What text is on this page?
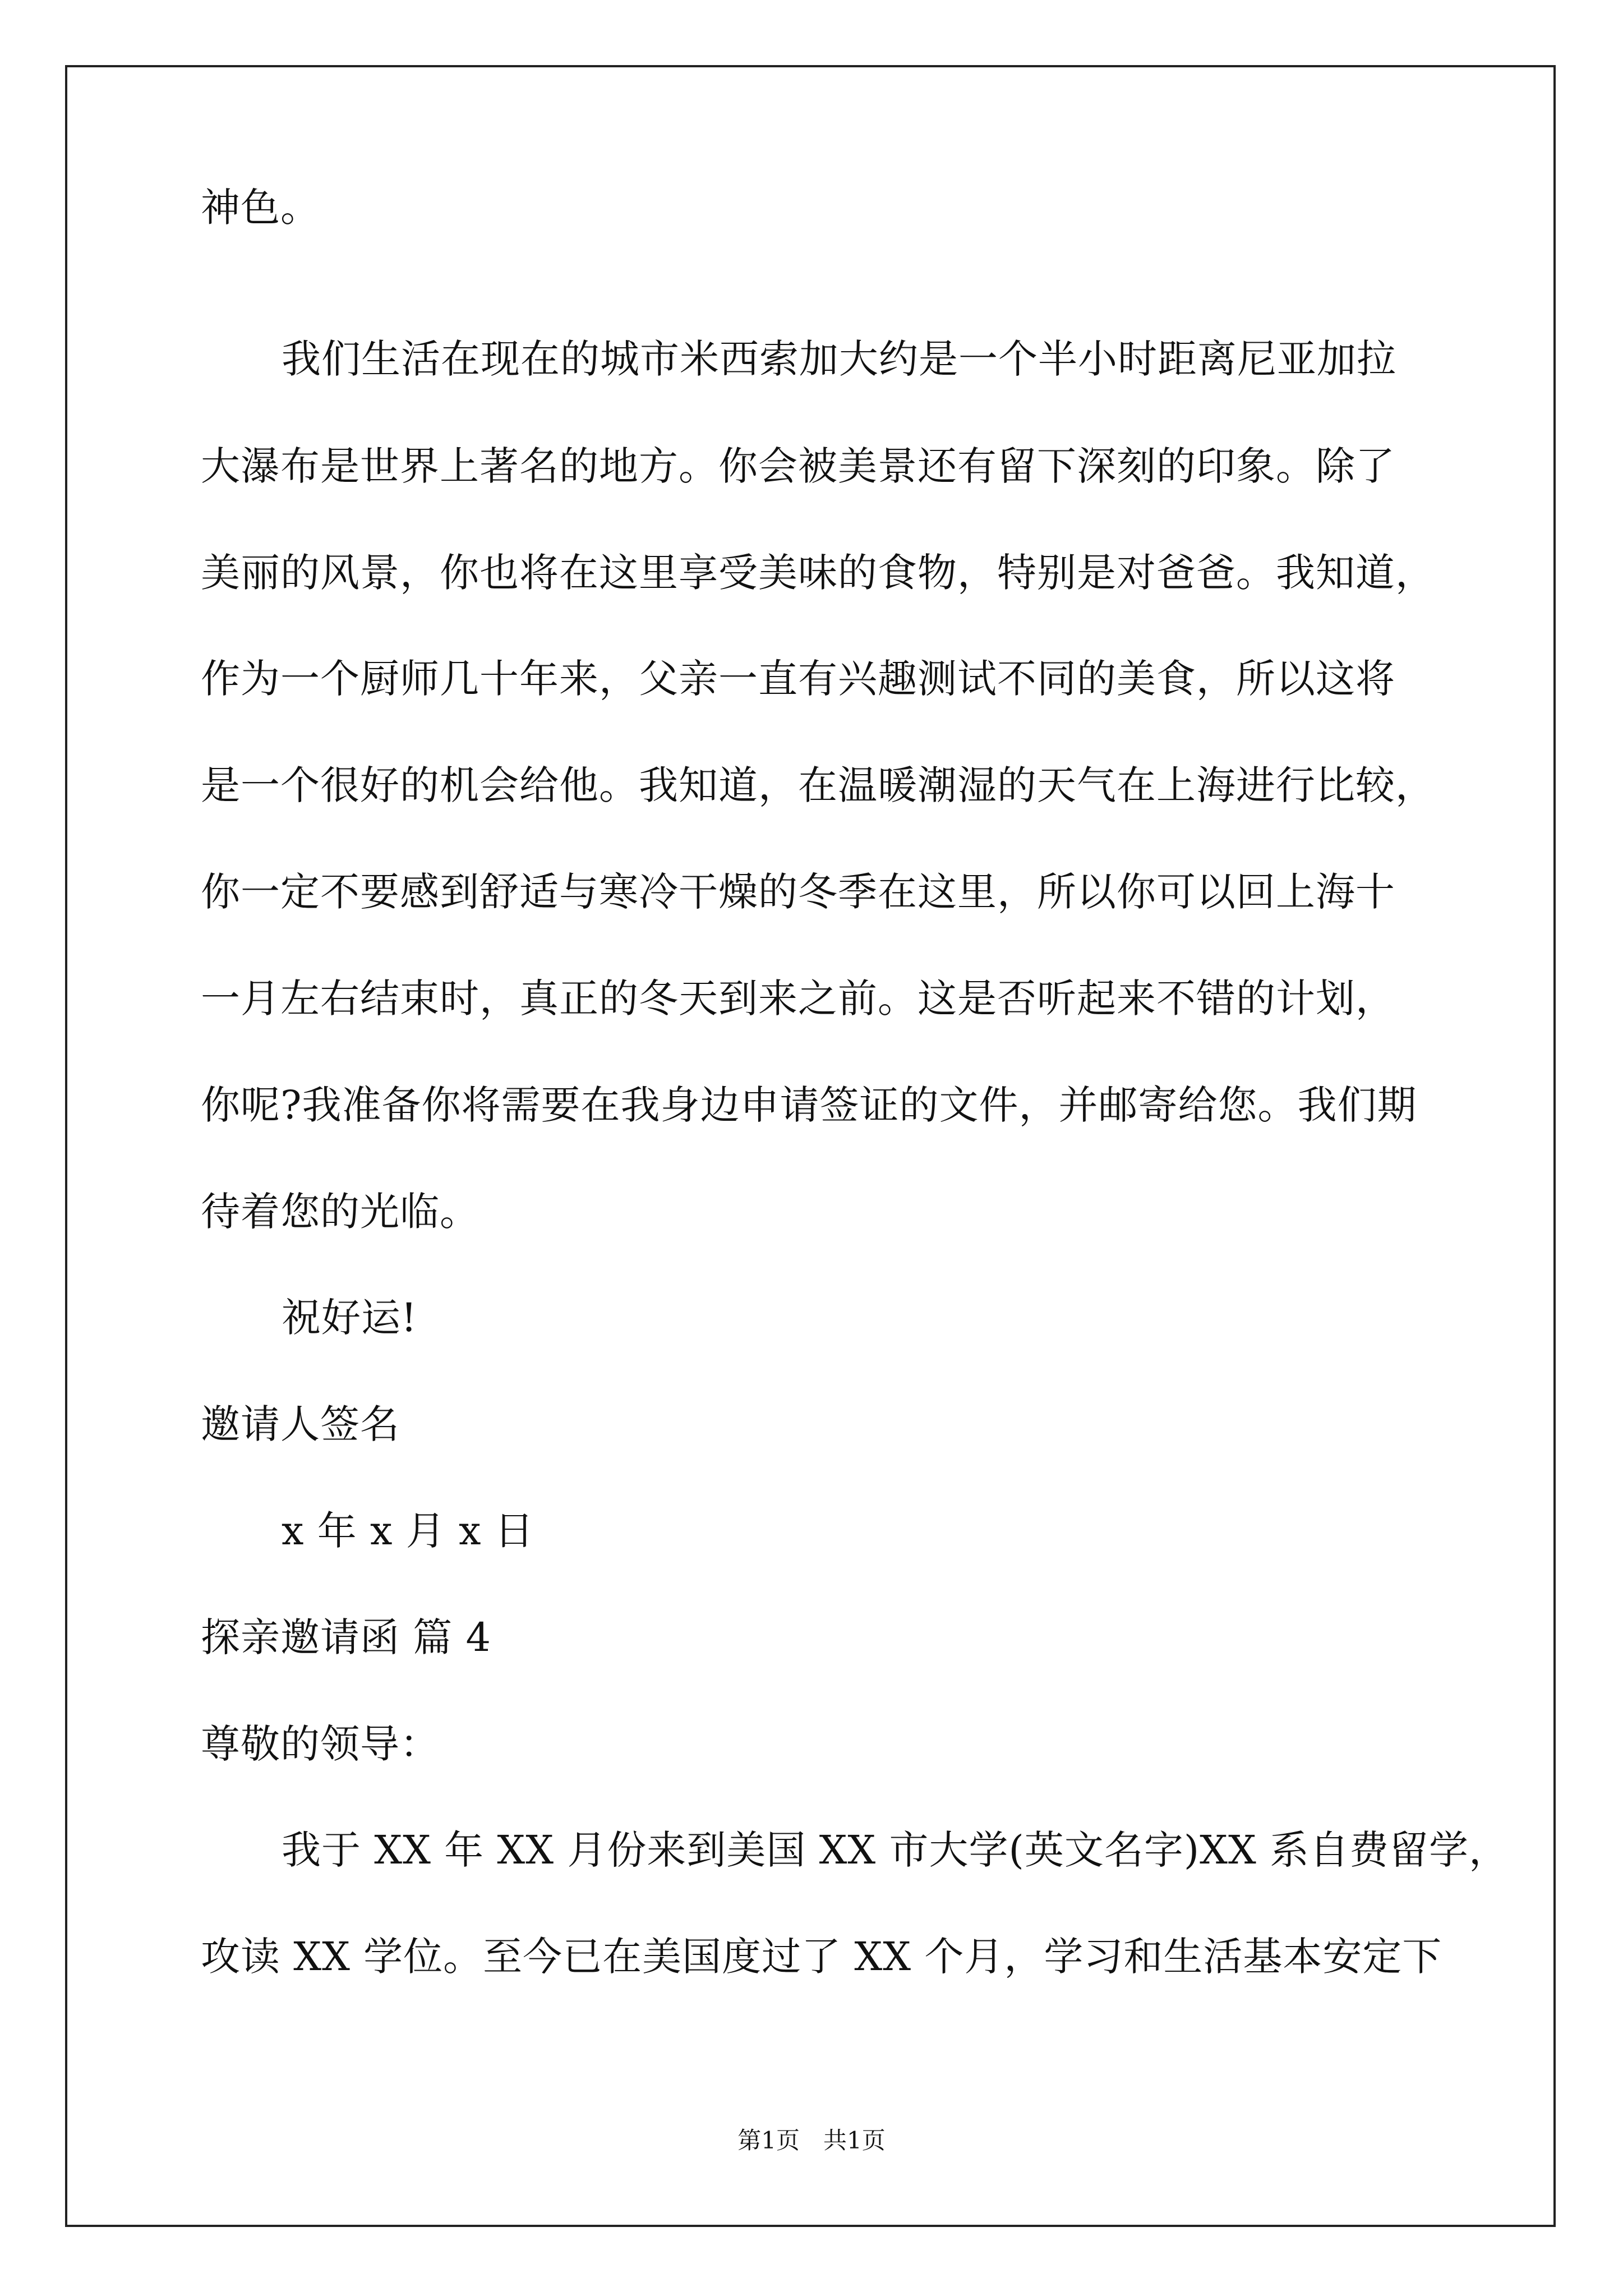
神色。
我们生活在现在的城市米西索加大约是一个半小时距离尼亚加拉
大瀑布是世界上著名的地方。你会被美景还有留下深刻的印象。除了
美丽的风景，你也将在这里享受美味的食物，特别是对爸爸。我知道，
作为一个厨师几十年来，父亲一直有兴趣测试不同的美食，所以这将
是一个很好的机会给他。我知道，在温暖潮湿的天气在上海进行比较，
你一定不要感到舒适与寒冷干燥的冬季在这里，所以你可以回上海十
一月左右结束时，真正的冬天到来之前。这是否听起来不错的计划，
你呢?我准备你将需要在我身边申请签证的文件，并邮寄给您。我们期
待着您的光临。
祝好运!
邀请人签名
x 年 x 月 x 日
探亲邀请函 篇 4
尊敬的领导：
我于 XX 年 XX 月份来到美国 XX 市大学(英文名字)XX 系自费留学，
攻读 XX 学位。至今已在美国度过了 XX 个月，学习和生活基本安定下
第1页　共1页
